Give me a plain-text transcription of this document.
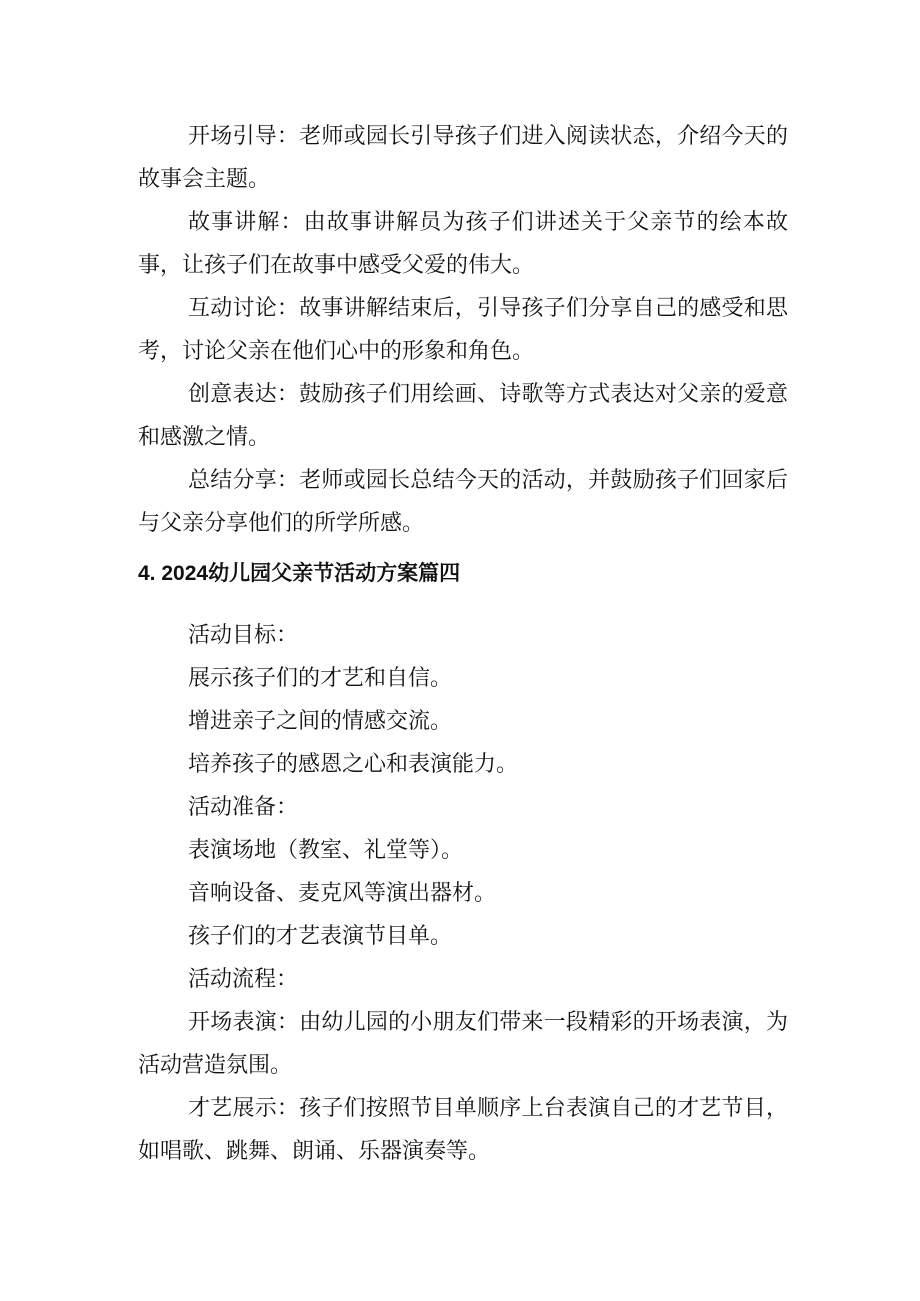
开场引导：老师或园长引导孩子们进入阅读状态，介绍今天的故事会主题。

故事讲解：由故事讲解员为孩子们讲述关于父亲节的绘本故事，让孩子们在故事中感受父爱的伟大。

互动讨论：故事讲解结束后，引导孩子们分享自己的感受和思考，讨论父亲在他们心中的形象和角色。

创意表达：鼓励孩子们用绘画、诗歌等方式表达对父亲的爱意和感激之情。

总结分享：老师或园长总结今天的活动，并鼓励孩子们回家后与父亲分享他们的所学所感。

4. 2024幼儿园父亲节活动方案篇四

活动目标：

展示孩子们的才艺和自信。

增进亲子之间的情感交流。

培养孩子的感恩之心和表演能力。

活动准备：

表演场地（教室、礼堂等）。

音响设备、麦克风等演出器材。

孩子们的才艺表演节目单。

活动流程：

开场表演：由幼儿园的小朋友们带来一段精彩的开场表演，为活动营造氛围。

才艺展示：孩子们按照节目单顺序上台表演自己的才艺节目，如唱歌、跳舞、朗诵、乐器演奏等。
